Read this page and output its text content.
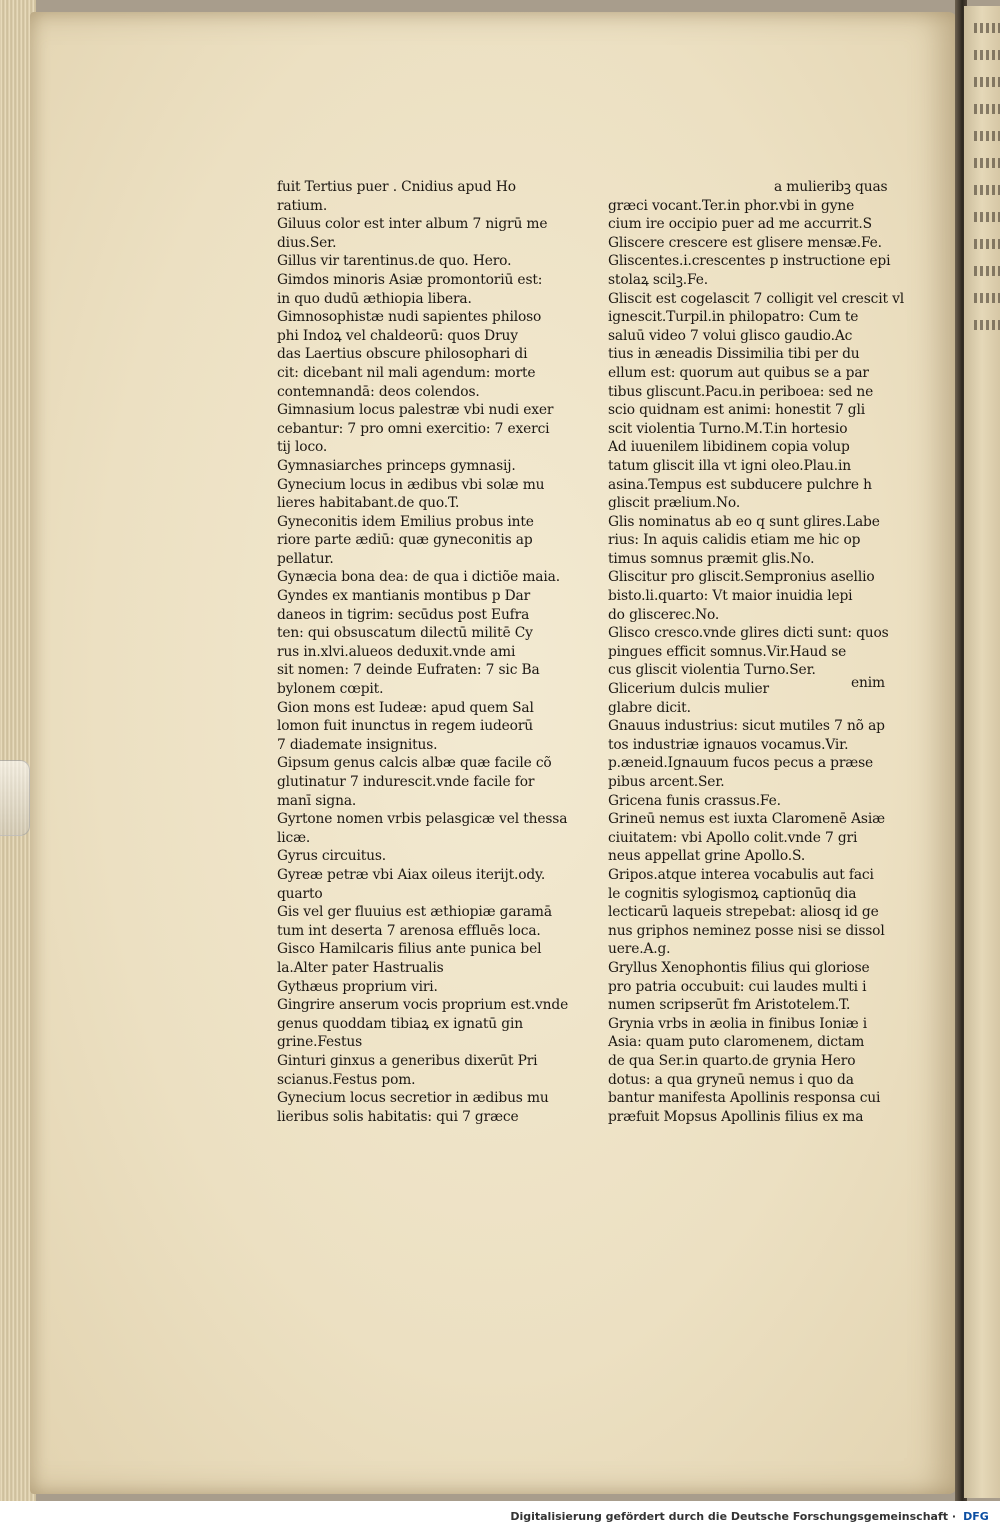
fuit Tertius puer . Cnidius apud Ho
ratium.
Giluus color est inter album 7 nigrū me
dius.Ser.
Gillus vir tarentinus.de quo. Hero.
Gimdos minoris Asiæ promontoriū est:
in quo dudū æthiopia libera.
Gimnosophistæ nudi sapientes philoso
phi Indoꝝ vel chaldeorū: quos Druy
das Laertius obscure philosophari di
cit: dicebant nil mali agendum: morte
contemnandā: deos colendos.
Gimnasium locus palestræ vbi nudi exer
cebantur: 7 pro omni exercitio: 7 exerci
tij loco.
Gymnasiarches princeps gymnasij.
Gynecium locus in ædibus vbi solæ mu
lieres habitabant.de quo.T.
Gyneconitis idem Emilius probus inte
riore parte ædiū: quæ gyneconitis ap
pellatur.
Gynæcia bona dea: de qua i dictiõe maia.
Gyndes ex mantianis montibus p Dar
daneos in tigrim: secūdus post Eufra
ten: qui obsuscatum dilectū militē Cy
rus in.xlvi.alueos deduxit.vnde ami
sit nomen: 7 deinde Eufraten: 7 sic Ba
bylonem cœpit.
Gion mons est Iudeæ: apud quem Sal
lomon fuit inunctus in regem iudeorū
7 diademate insignitus.
Gipsum genus calcis albæ quæ facile cõ
glutinatur 7 indurescit.vnde facile for
manī signa.
Gyrtone nomen vrbis pelasgicæ vel thessa
licæ.
Gyrus circuitus.
Gyreæ petræ vbi Aiax oileus iterijt.ody.
quarto
Gis vel ger fluuius est æthiopiæ garamā
tum int deserta 7 arenosa effluēs loca.
Gisco Hamilcaris filius ante punica bel
la.Alter pater Hastrualis
Gythæus proprium viri.
Gingrire anserum vocis proprium est.vnde
genus quoddam tibiaꝝ ex ignatū gin
grine.Festus
Ginturi ginxus a generibus dixerūt Pri
scianus.Festus pom.
Gynecium locus secretior in ædibus mu
lieribus solis habitatis: qui 7 græce
a mulieribꝫ quas
græci vocant.Ter.in phor.vbi in gyne
cium ire occipio puer ad me accurrit.S
Gliscere crescere est glisere mensæ.Fe.
Gliscentes.i.crescentes p instructione epi
stolaꝝ scilꝫ.Fe.
Gliscit est cogelascit 7 colligit vel crescit vl
ignescit.Turpil.in philopatro: Cum te
saluū video 7 volui glisco gaudio.Ac
tius in æneadis Dissimilia tibi per du
ellum est: quorum aut quibus se a par
tibus gliscunt.Pacu.in periboea: sed ne
scio quidnam est animi: honestit 7 gli
scit violentia Turno.M.T.in hortesio
Ad iuuenilem libidinem copia volup
tatum gliscit illa vt igni oleo.Plau.in
asina.Tempus est subducere pulchre h
gliscit prælium.No.
Glis nominatus ab eo q sunt glires.Labe
rius: In aquis calidis etiam me hic op
timus somnus præmit glis.No.
Gliscitur pro gliscit.Sempronius asellio
bisto.li.quarto: Vt maior inuidia lepi
do gliscerec.No.
Glisco cresco.vnde glires dicti sunt: quos
pingues efficit somnus.Vir.Haud se
cus gliscit violentia Turno.Ser.
Glicerium dulcis mulier	enim
glabre dicit.
Gnauus industrius: sicut mutiles 7 nõ ap
tos industriæ ignauos vocamus.Vir.
p.æneid.Ignauum fucos pecus a præse
pibus arcent.Ser.
Gricena funis crassus.Fe.
Grineū nemus est iuxta Claromenē Asiæ
ciuitatem: vbi Apollo colit.vnde 7 gri
neus appellat grine Apollo.S.
Gripos.atque interea vocabulis aut faci
le cognitis sylogismoꝝ captionūq dia
lecticarū laqueis strepebat: aliosq id ge
nus griphos neminez posse nisi se dissol
uere.A.g.
Gryllus Xenophontis filius qui gloriose
pro patria occubuit: cui laudes multi i
numen scripserūt fm Aristotelem.T.
Grynia vrbs in æolia in finibus Ioniæ i
Asia: quam puto claromenem, dictam
de qua Ser.in quarto.de grynia Hero
dotus: a qua gryneū nemus i quo da
bantur manifesta Apollinis responsa cui
præfuit Mopsus Apollinis filius ex ma
Digitalisierung gefördert durch die Deutsche Forschungsgemeinschaft · DFG
